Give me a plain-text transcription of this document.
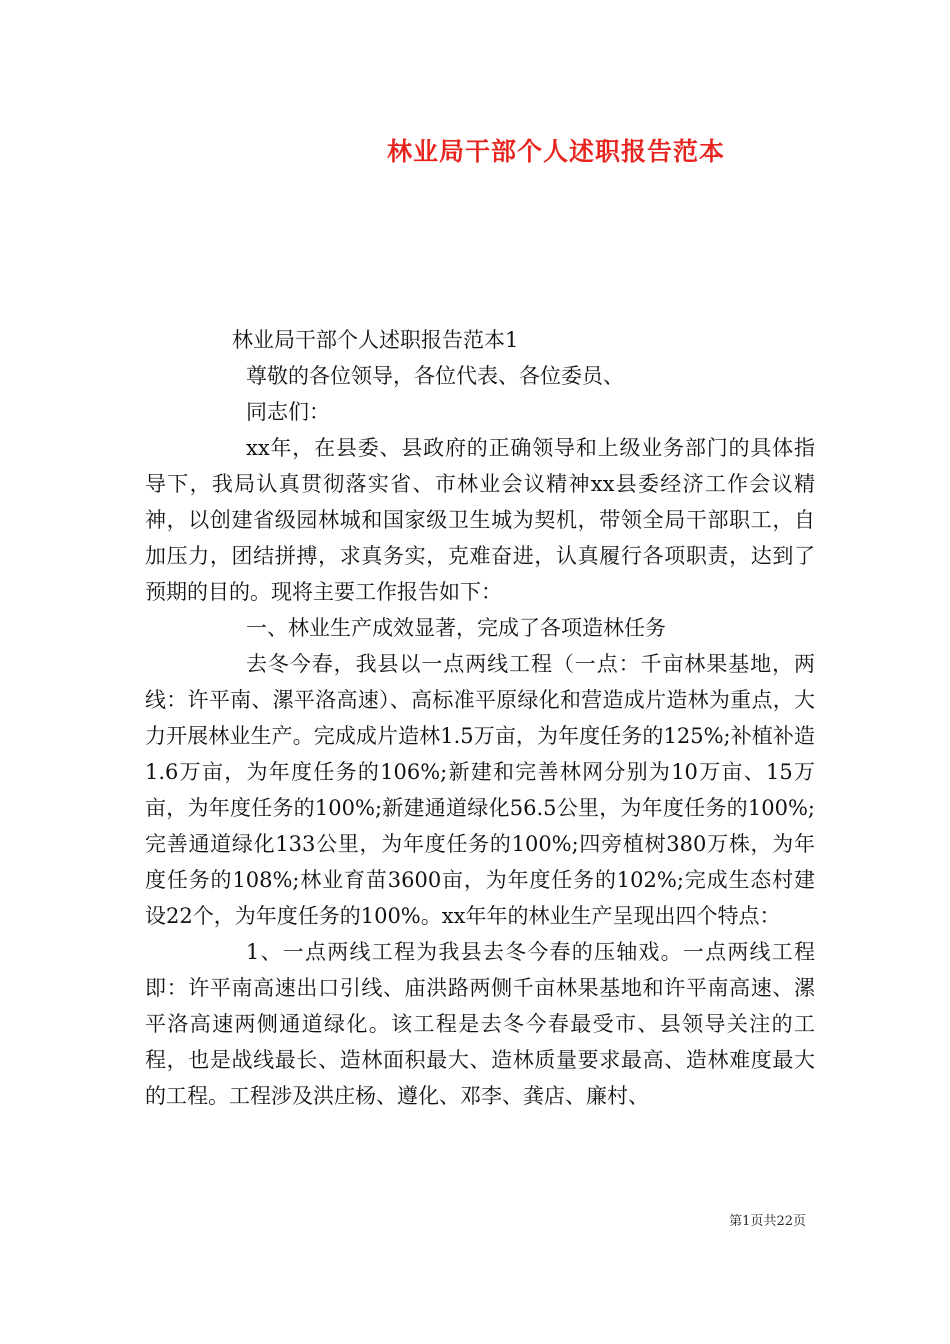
林业局干部个人述职报告范本

林业局干部个人述职报告范本1

尊敬的各位领导，各位代表、各位委员、

同志们：

xx年，在县委、县政府的正确领导和上级业务部门的具体指导下，我局认真贯彻落实省、市林业会议精神xx县委经济工作会议精神，以创建省级园林城和国家级卫生城为契机，带领全局干部职工，自加压力，团结拼搏，求真务实，克难奋进，认真履行各项职责，达到了预期的目的。现将主要工作报告如下：

一、林业生产成效显著，完成了各项造林任务

去冬今春，我县以一点两线工程（一点：千亩林果基地，两线：许平南、漯平洛高速）、高标准平原绿化和营造成片造林为重点，大力开展林业生产。完成成片造林1.5万亩，为年度任务的125%;补植补造1.6万亩，为年度任务的106%;新建和完善林网分别为10万亩、15万亩，为年度任务的100%;新建通道绿化56.5公里，为年度任务的100%;完善通道绿化133公里，为年度任务的100%;四旁植树380万株，为年度任务的108%;林业育苗3600亩，为年度任务的102%;完成生态村建设22个，为年度任务的100%。xx年年的林业生产呈现出四个特点：

1、一点两线工程为我县去冬今春的压轴戏。一点两线工程即：许平南高速出口引线、庙洪路两侧千亩林果基地和许平南高速、漯平洛高速两侧通道绿化。该工程是去冬今春最受市、县领导关注的工程，也是战线最长、造林面积最大、造林质量要求最高、造林难度最大的工程。工程涉及洪庄杨、遵化、邓李、龚店、廉村、

第1页共22页
